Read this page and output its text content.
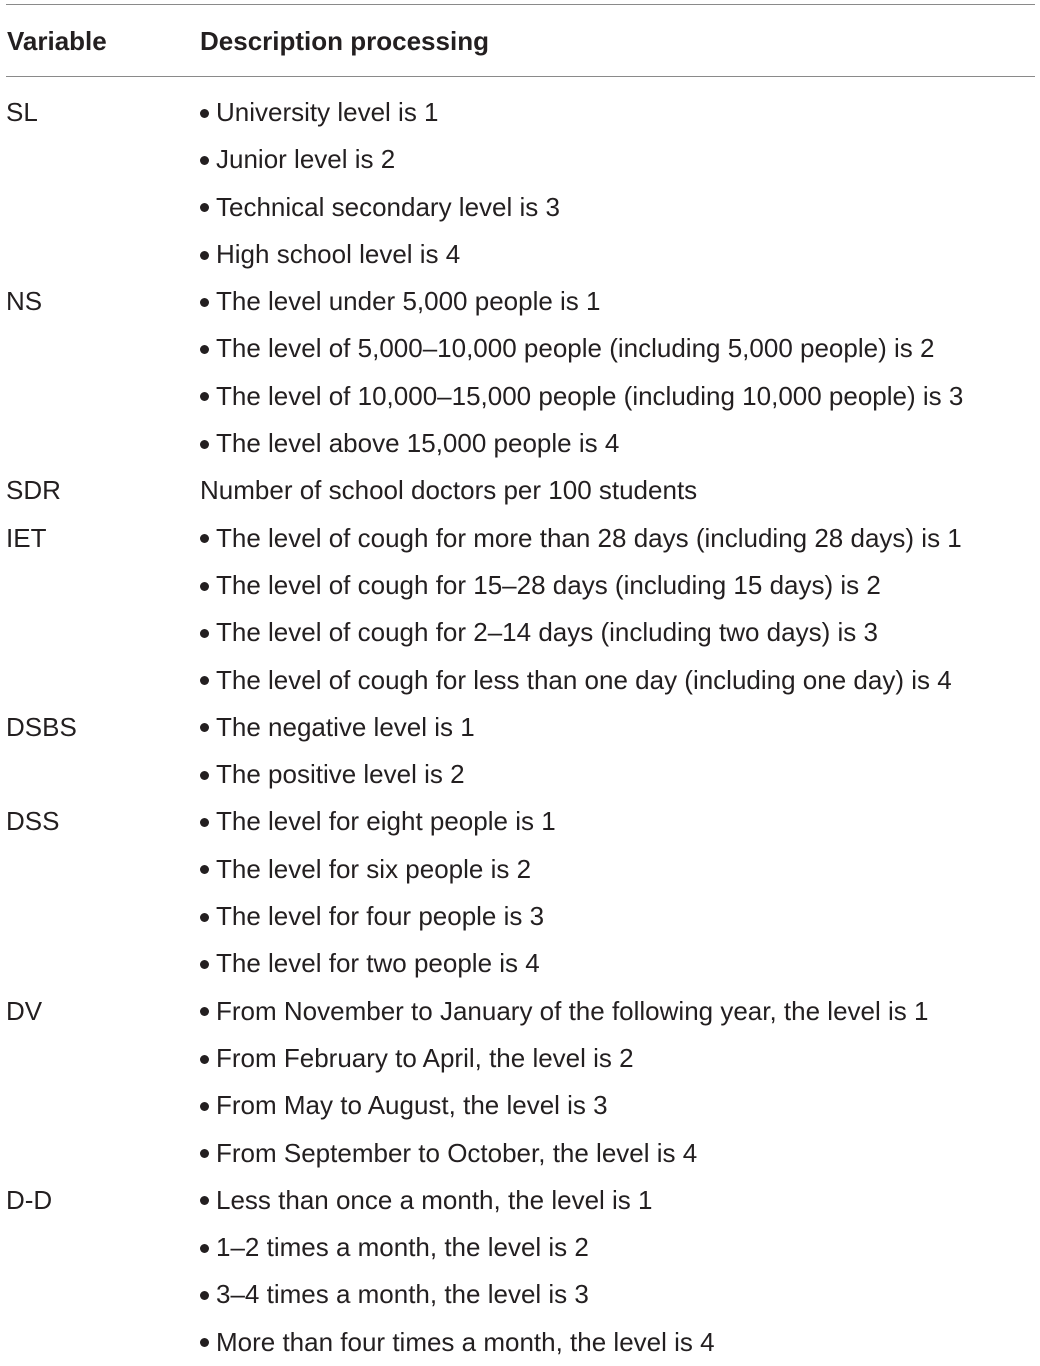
Variable	Description processing
SL	University level is 1
Junior level is 2
Technical secondary level is 3
High school level is 4
NS	The level under 5,000 people is 1
The level of 5,000–10,000 people (including 5,000 people) is 2
The level of 10,000–15,000 people (including 10,000 people) is 3
The level above 15,000 people is 4
SDR	Number of school doctors per 100 students
IET	The level of cough for more than 28 days (including 28 days) is 1
The level of cough for 15–28 days (including 15 days) is 2
The level of cough for 2–14 days (including two days) is 3
The level of cough for less than one day (including one day) is 4
DSBS	The negative level is 1
The positive level is 2
DSS	The level for eight people is 1
The level for six people is 2
The level for four people is 3
The level for two people is 4
DV	From November to January of the following year, the level is 1
From February to April, the level is 2
From May to August, the level is 3
From September to October, the level is 4
D-D	Less than once a month, the level is 1
1–2 times a month, the level is 2
3–4 times a month, the level is 3
More than four times a month, the level is 4
